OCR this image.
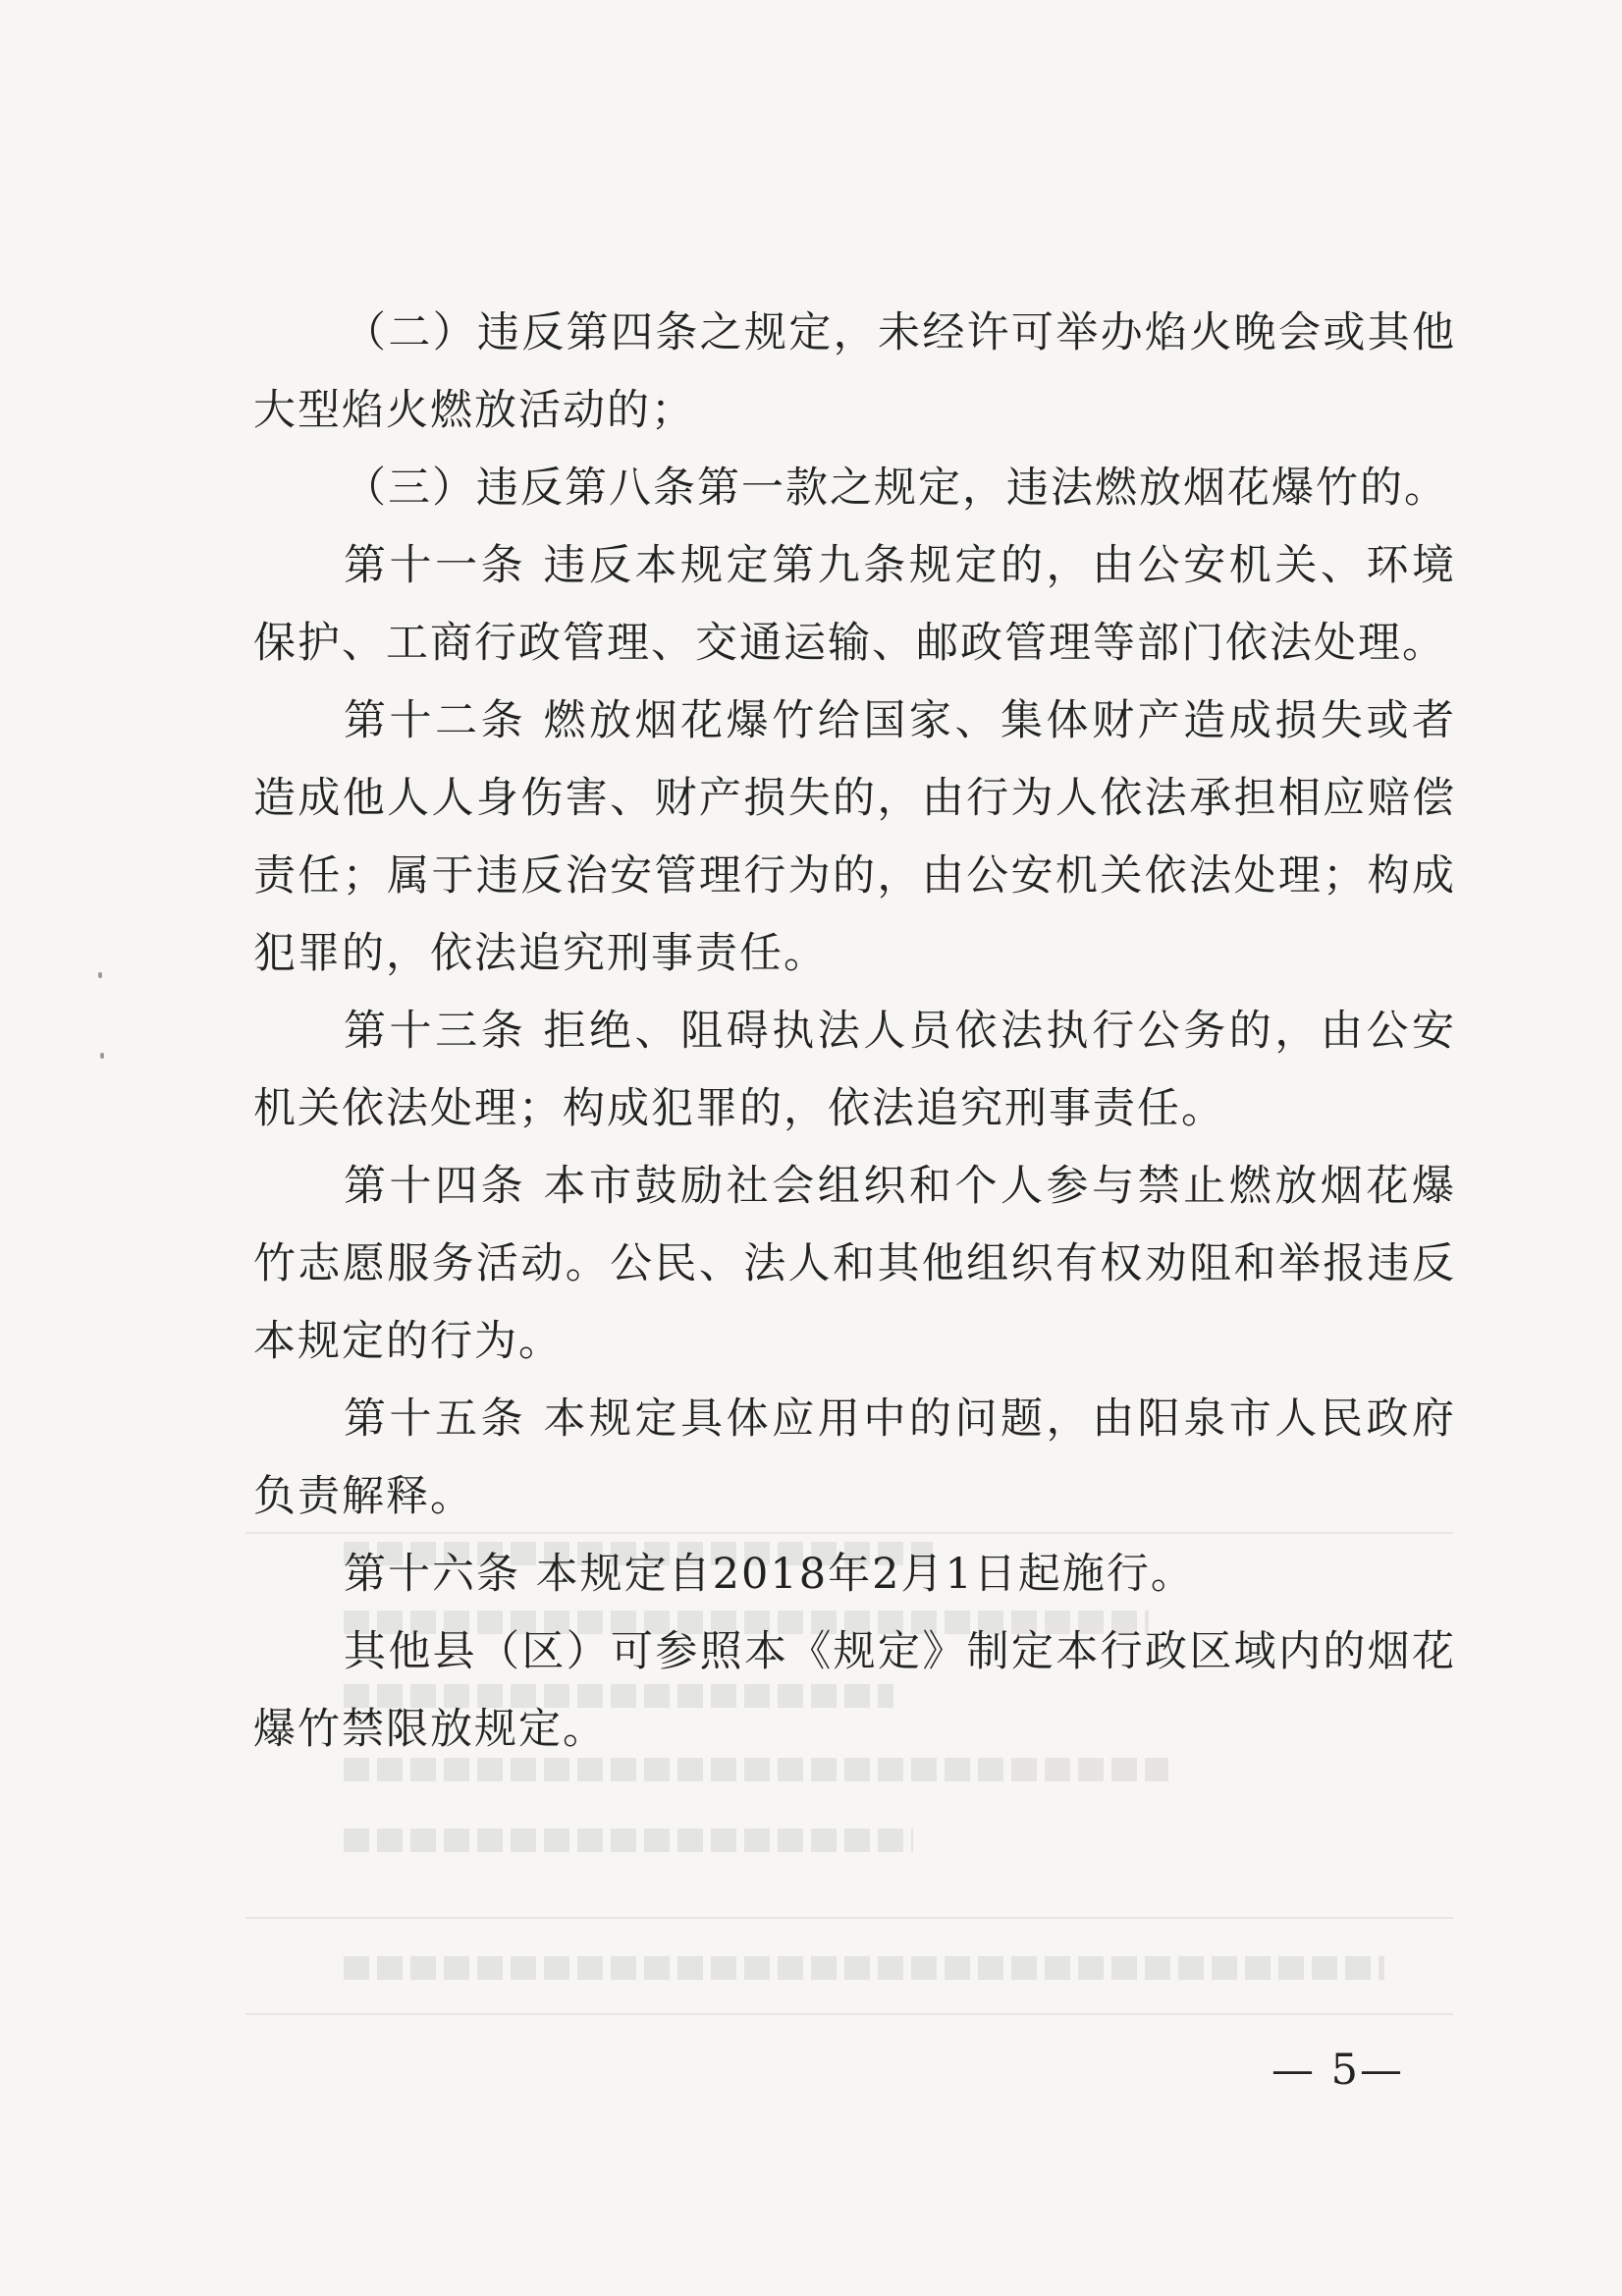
（二）违反第四条之规定，未经许可举办焰火晚会或其他大型焰火燃放活动的；

（三）违反第八条第一款之规定，违法燃放烟花爆竹的。

第十一条 违反本规定第九条规定的，由公安机关、环境保护、工商行政管理、交通运输、邮政管理等部门依法处理。

第十二条 燃放烟花爆竹给国家、集体财产造成损失或者造成他人人身伤害、财产损失的，由行为人依法承担相应赔偿责任；属于违反治安管理行为的，由公安机关依法处理；构成犯罪的，依法追究刑事责任。

第十三条 拒绝、阻碍执法人员依法执行公务的，由公安机关依法处理；构成犯罪的，依法追究刑事责任。

第十四条 本市鼓励社会组织和个人参与禁止燃放烟花爆竹志愿服务活动。公民、法人和其他组织有权劝阻和举报违反本规定的行为。

第十五条 本规定具体应用中的问题，由阳泉市人民政府负责解释。

第十六条 本规定自2018年2月1日起施行。

其他县（区）可参照本《规定》制定本行政区域内的烟花爆竹禁限放规定。

— 5—
